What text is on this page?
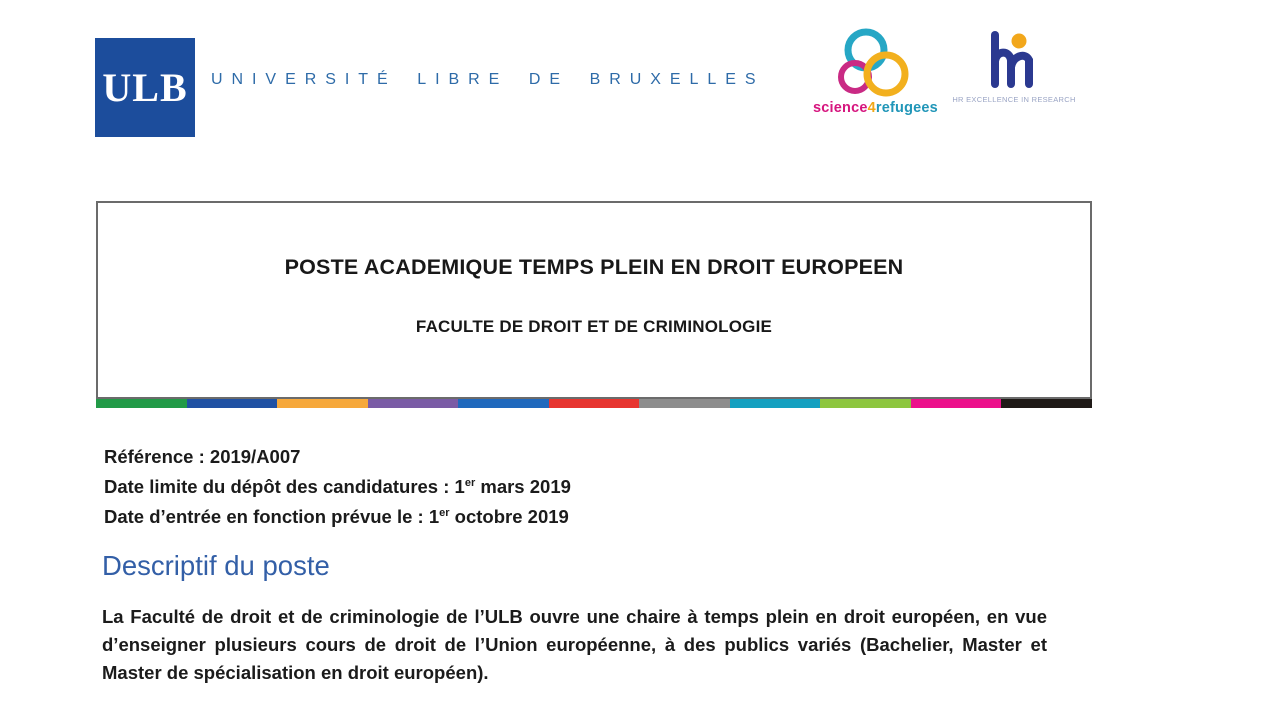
ULB UNIVERSITÉ LIBRE DE BRUXELLES
science4refugees
HR EXCELLENCE IN RESEARCH
POSTE ACADEMIQUE TEMPS PLEIN EN DROIT EUROPEEN
FACULTE DE DROIT ET DE CRIMINOLOGIE
Référence : 2019/A007
Date limite du dépôt des candidatures : 1er mars 2019
Date d’entrée en fonction prévue le : 1er octobre 2019
Descriptif du poste
La Faculté de droit et de criminologie de l’ULB ouvre une chaire à temps plein en droit européen, en vue d’enseigner plusieurs cours de droit de l’Union européenne, à des publics variés (Bachelier, Master et Master de spécialisation en droit européen).
